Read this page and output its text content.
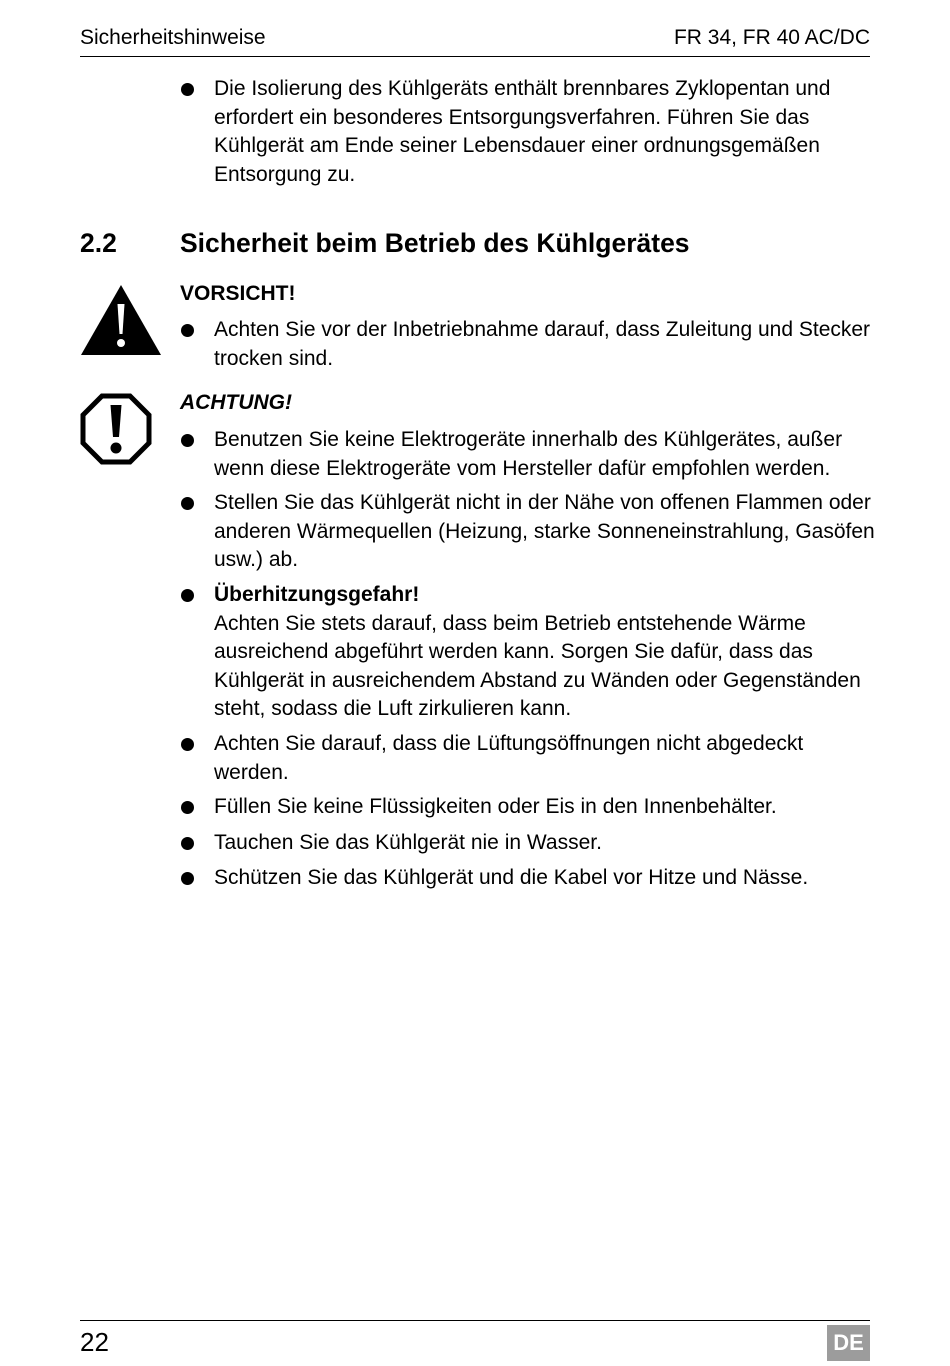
Sicherheitshinweise	FR 34, FR 40 AC/DC
Die Isolierung des Kühlgeräts enthält brennbares Zyklopentan und erfordert ein besonderes Entsorgungsverfahren. Führen Sie das Kühlgerät am Ende seiner Lebensdauer einer ordnungsgemäßen Entsorgung zu.
2.2 Sicherheit beim Betrieb des Kühlgerätes
VORSICHT!
Achten Sie vor der Inbetriebnahme darauf, dass Zuleitung und Stecker trocken sind.
ACHTUNG!
Benutzen Sie keine Elektrogeräte innerhalb des Kühlgerätes, außer wenn diese Elektrogeräte vom Hersteller dafür empfohlen werden.
Stellen Sie das Kühlgerät nicht in der Nähe von offenen Flammen oder anderen Wärmequellen (Heizung, starke Sonneneinstrahlung, Gasöfen usw.) ab.
Überhitzungsgefahr!
Achten Sie stets darauf, dass beim Betrieb entstehende Wärme ausreichend abgeführt werden kann. Sorgen Sie dafür, dass das Kühlgerät in ausreichendem Abstand zu Wänden oder Gegenständen steht, sodass die Luft zirkulieren kann.
Achten Sie darauf, dass die Lüftungsöffnungen nicht abgedeckt werden.
Füllen Sie keine Flüssigkeiten oder Eis in den Innenbehälter.
Tauchen Sie das Kühlgerät nie in Wasser.
Schützen Sie das Kühlgerät und die Kabel vor Hitze und Nässe.
22	DE
